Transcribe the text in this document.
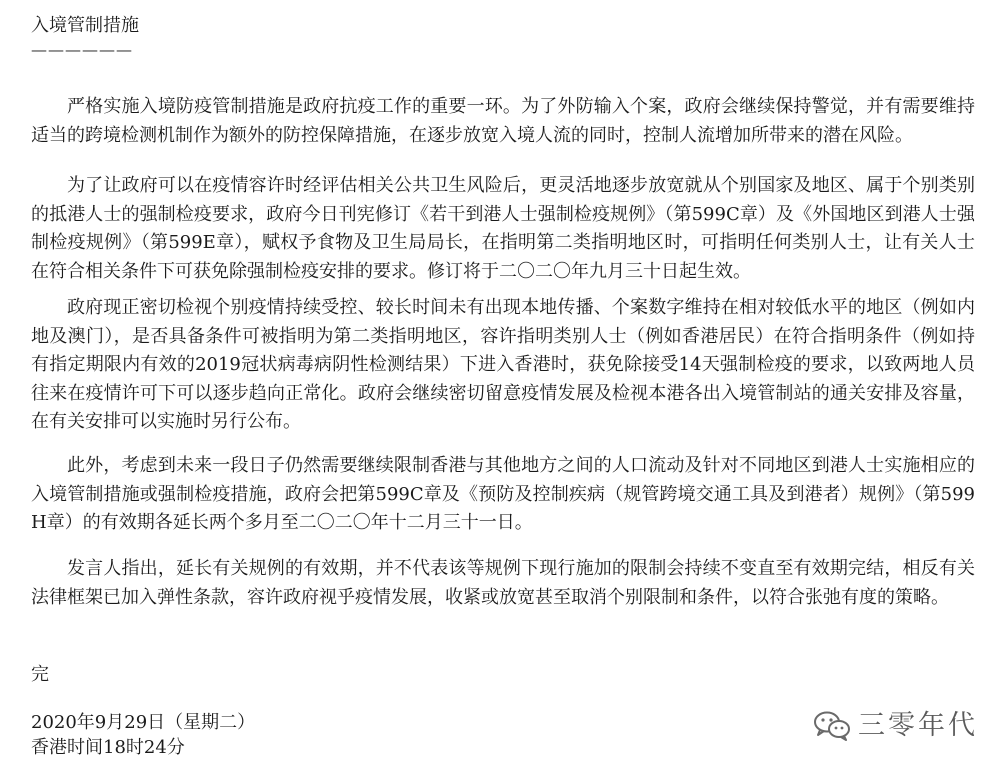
入境管制措施
——————

严格实施入境防疫管制措施是政府抗疫工作的重要一环。为了外防输入个案，政府会继续保持警觉，并有需要维持适当的跨境检测机制作为额外的防控保障措施，在逐步放宽入境人流的同时，控制人流增加所带来的潜在风险。

为了让政府可以在疫情容许时经评估相关公共卫生风险后，更灵活地逐步放宽就从个别国家及地区、属于个别类别的抵港人士的强制检疫要求，政府今日刊宪修订《若干到港人士强制检疫规例》（第599C章）及《外国地区到港人士强制检疫规例》（第599E章），赋权予食物及卫生局局长，在指明第二类指明地区时，可指明任何类别人士，让有关人士在符合相关条件下可获免除强制检疫安排的要求。修订将于二〇二〇年九月三十日起生效。

政府现正密切检视个别疫情持续受控、较长时间未有出现本地传播、个案数字维持在相对较低水平的地区（例如内地及澳门），是否具备条件可被指明为第二类指明地区，容许指明类别人士（例如香港居民）在符合指明条件（例如持有指定期限内有效的2019冠状病毒病阴性检测结果）下进入香港时，获免除接受14天强制检疫的要求，以致两地人员往来在疫情许可下可以逐步趋向正常化。政府会继续密切留意疫情发展及检视本港各出入境管制站的通关安排及容量，在有关安排可以实施时另行公布。

此外，考虑到未来一段日子仍然需要继续限制香港与其他地方之间的人口流动及针对不同地区到港人士实施相应的入境管制措施或强制检疫措施，政府会把第599C章及《预防及控制疾病（规管跨境交通工具及到港者）规例》（第599H章）的有效期各延长两个多月至二〇二〇年十二月三十一日。

发言人指出，延长有关规例的有效期，并不代表该等规例下现行施加的限制会持续不变直至有效期完结，相反有关法律框架已加入弹性条款，容许政府视乎疫情发展，收紧或放宽甚至取消个别限制和条件，以符合张弛有度的策略。

完
2020年9月29日（星期二）
香港时间18时24分
三零年代
